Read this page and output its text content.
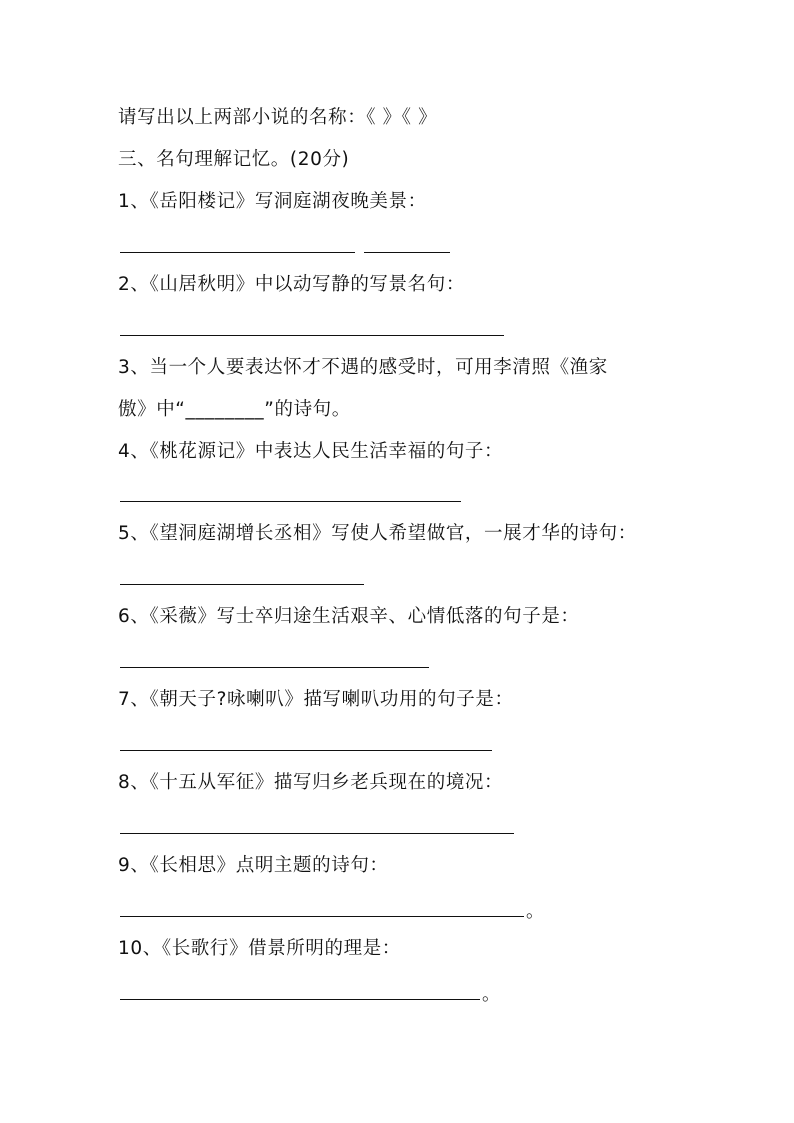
请写出以上两部小说的名称：《 》《 》
三、名句理解记忆。(20分)
1、《岳阳楼记》写洞庭湖夜晚美景：
2、《山居秋明》中以动写静的写景名句：
3、当一个人要表达怀才不遇的感受时，可用李清照《渔家
傲》中“________”的诗句。
4、《桃花源记》中表达人民生活幸福的句子：
5、《望洞庭湖增长丞相》写使人希望做官，一展才华的诗句：
6、《采薇》写士卒归途生活艰辛、心情低落的句子是：
7、《朝天子?咏喇叭》描写喇叭功用的句子是：
8、《十五从军征》描写归乡老兵现在的境况：
9、《长相思》点明主题的诗句：
。
10、《长歌行》借景所明的理是：
。
